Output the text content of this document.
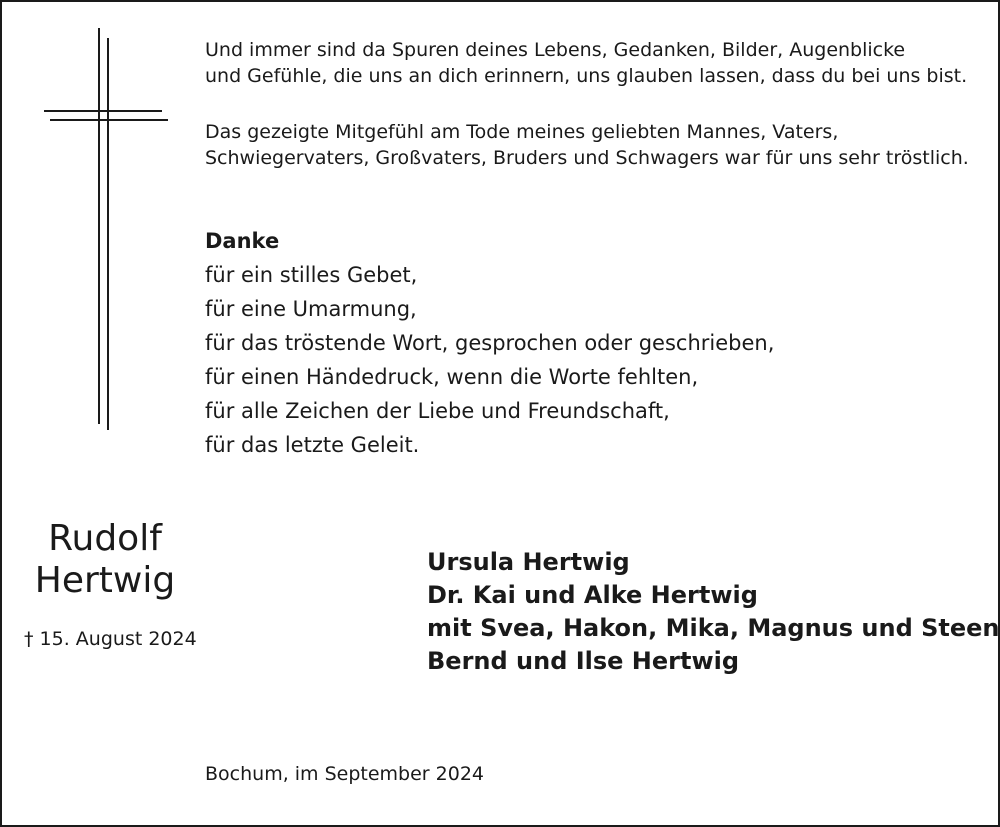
Und immer sind da Spuren deines Lebens, Gedanken, Bilder, Augenblicke
und Gefühle, die uns an dich erinnern, uns glauben lassen, dass du bei uns bist.
Das gezeigte Mitgefühl am Tode meines geliebten Mannes, Vaters,
Schwiegervaters, Großvaters, Bruders und Schwagers war für uns sehr tröstlich.
Danke
für ein stilles Gebet,
für eine Umarmung,
für das tröstende Wort, gesprochen oder geschrieben,
für einen Händedruck, wenn die Worte fehlten,
für alle Zeichen der Liebe und Freundschaft,
für das letzte Geleit.
Rudolf
Hertwig
† 15. August 2024
Ursula Hertwig
Dr. Kai und Alke Hertwig
mit Svea, Hakon, Mika, Magnus und Steen
Bernd und Ilse Hertwig
Bochum, im September 2024
